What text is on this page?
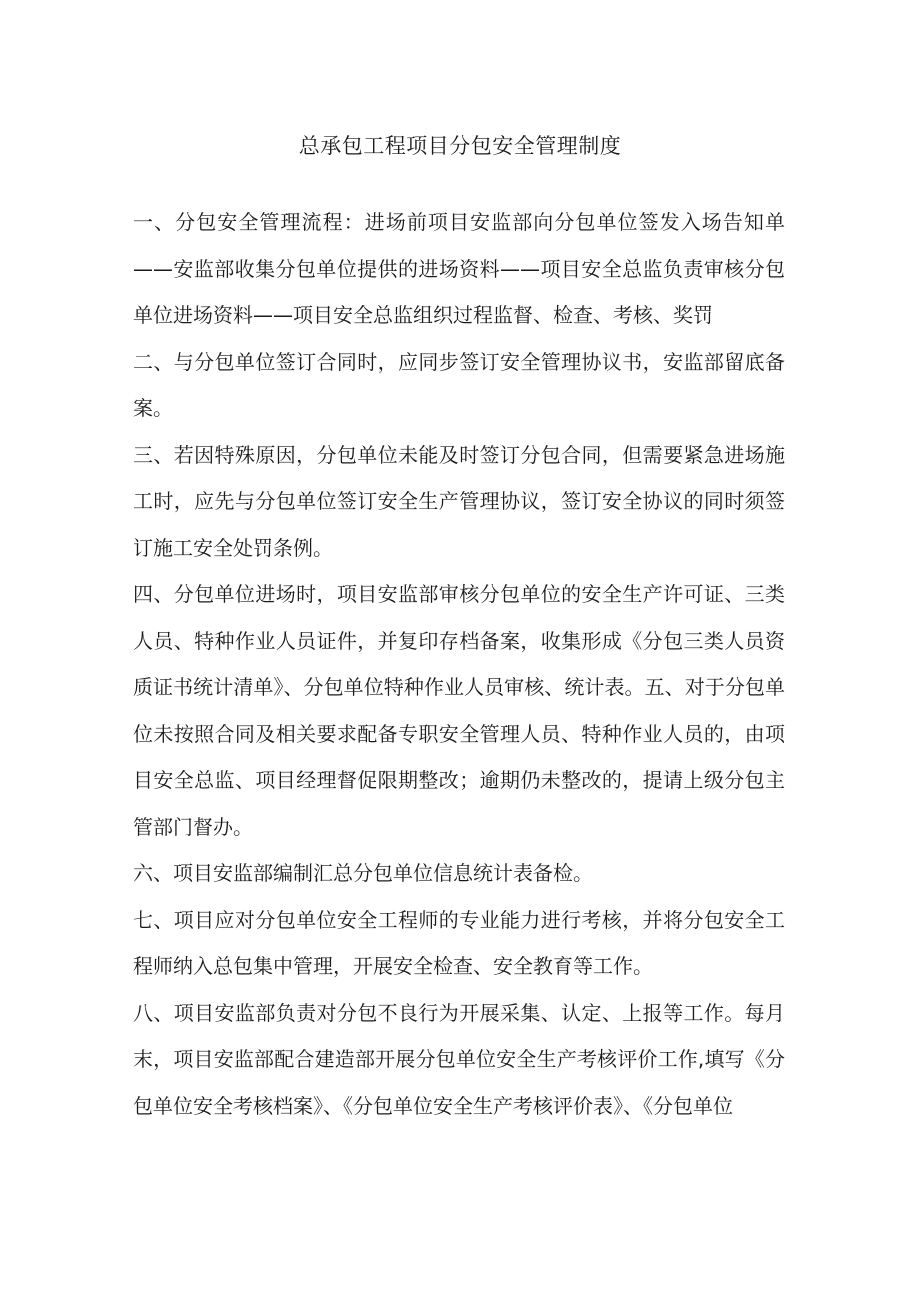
总承包工程项目分包安全管理制度

一、分包安全管理流程：进场前项目安监部向分包单位签发入场告知单——安监部收集分包单位提供的进场资料——项目安全总监负责审核分包单位进场资料——项目安全总监组织过程监督、检查、考核、奖罚

二、与分包单位签订合同时，应同步签订安全管理协议书，安监部留底备案。

三、若因特殊原因，分包单位未能及时签订分包合同，但需要紧急进场施工时，应先与分包单位签订安全生产管理协议，签订安全协议的同时须签订施工安全处罚条例。

四、分包单位进场时，项目安监部审核分包单位的安全生产许可证、三类人员、特种作业人员证件，并复印存档备案，收集形成《分包三类人员资质证书统计清单》、分包单位特种作业人员审核、统计表。五、对于分包单位未按照合同及相关要求配备专职安全管理人员、特种作业人员的，由项目安全总监、项目经理督促限期整改；逾期仍未整改的，提请上级分包主管部门督办。

六、项目安监部编制汇总分包单位信息统计表备检。

七、项目应对分包单位安全工程师的专业能力进行考核，并将分包安全工程师纳入总包集中管理，开展安全检查、安全教育等工作。

八、项目安监部负责对分包不良行为开展采集、认定、上报等工作。每月末，项目安监部配合建造部开展分包单位安全生产考核评价工作,填写《分包单位安全考核档案》、《分包单位安全生产考核评价表》、《分包单位
